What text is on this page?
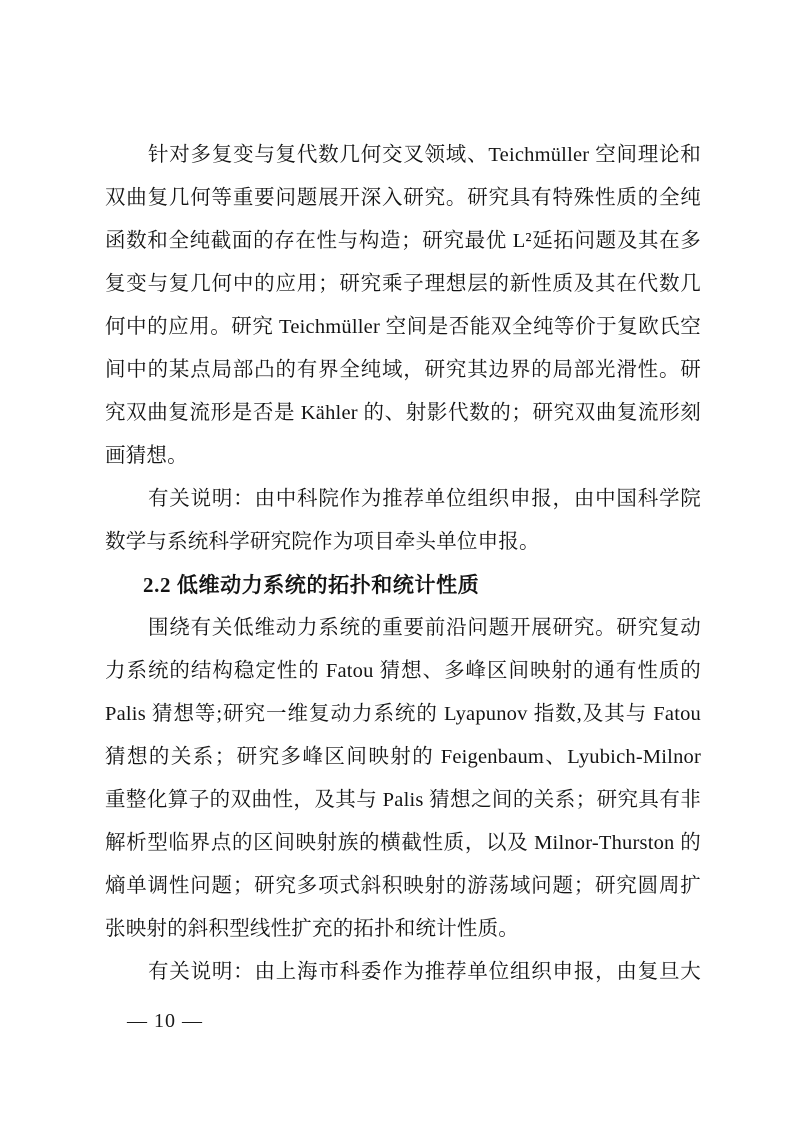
针对多复变与复代数几何交叉领域、Teichmüller 空间理论和
双曲复几何等重要问题展开深入研究。研究具有特殊性质的全纯
函数和全纯截面的存在性与构造；研究最优 L²延拓问题及其在多
复变与复几何中的应用；研究乘子理想层的新性质及其在代数几
何中的应用。研究 Teichmüller 空间是否能双全纯等价于复欧氏空
间中的某点局部凸的有界全纯域，研究其边界的局部光滑性。研
究双曲复流形是否是 Kähler 的、射影代数的；研究双曲复流形刻
画猜想。
有关说明：由中科院作为推荐单位组织申报，由中国科学院
数学与系统科学研究院作为项目牵头单位申报。
2.2 低维动力系统的拓扑和统计性质
围绕有关低维动力系统的重要前沿问题开展研究。研究复动
力系统的结构稳定性的 Fatou 猜想、多峰区间映射的通有性质的
Palis 猜想等;研究一维复动力系统的 Lyapunov 指数,及其与 Fatou
猜想的关系；研究多峰区间映射的 Feigenbaum、Lyubich-Milnor
重整化算子的双曲性，及其与 Palis 猜想之间的关系；研究具有非
解析型临界点的区间映射族的横截性质，以及 Milnor-Thurston 的
熵单调性问题；研究多项式斜积映射的游荡域问题；研究圆周扩
张映射的斜积型线性扩充的拓扑和统计性质。
有关说明：由上海市科委作为推荐单位组织申报，由复旦大
— 10 —
